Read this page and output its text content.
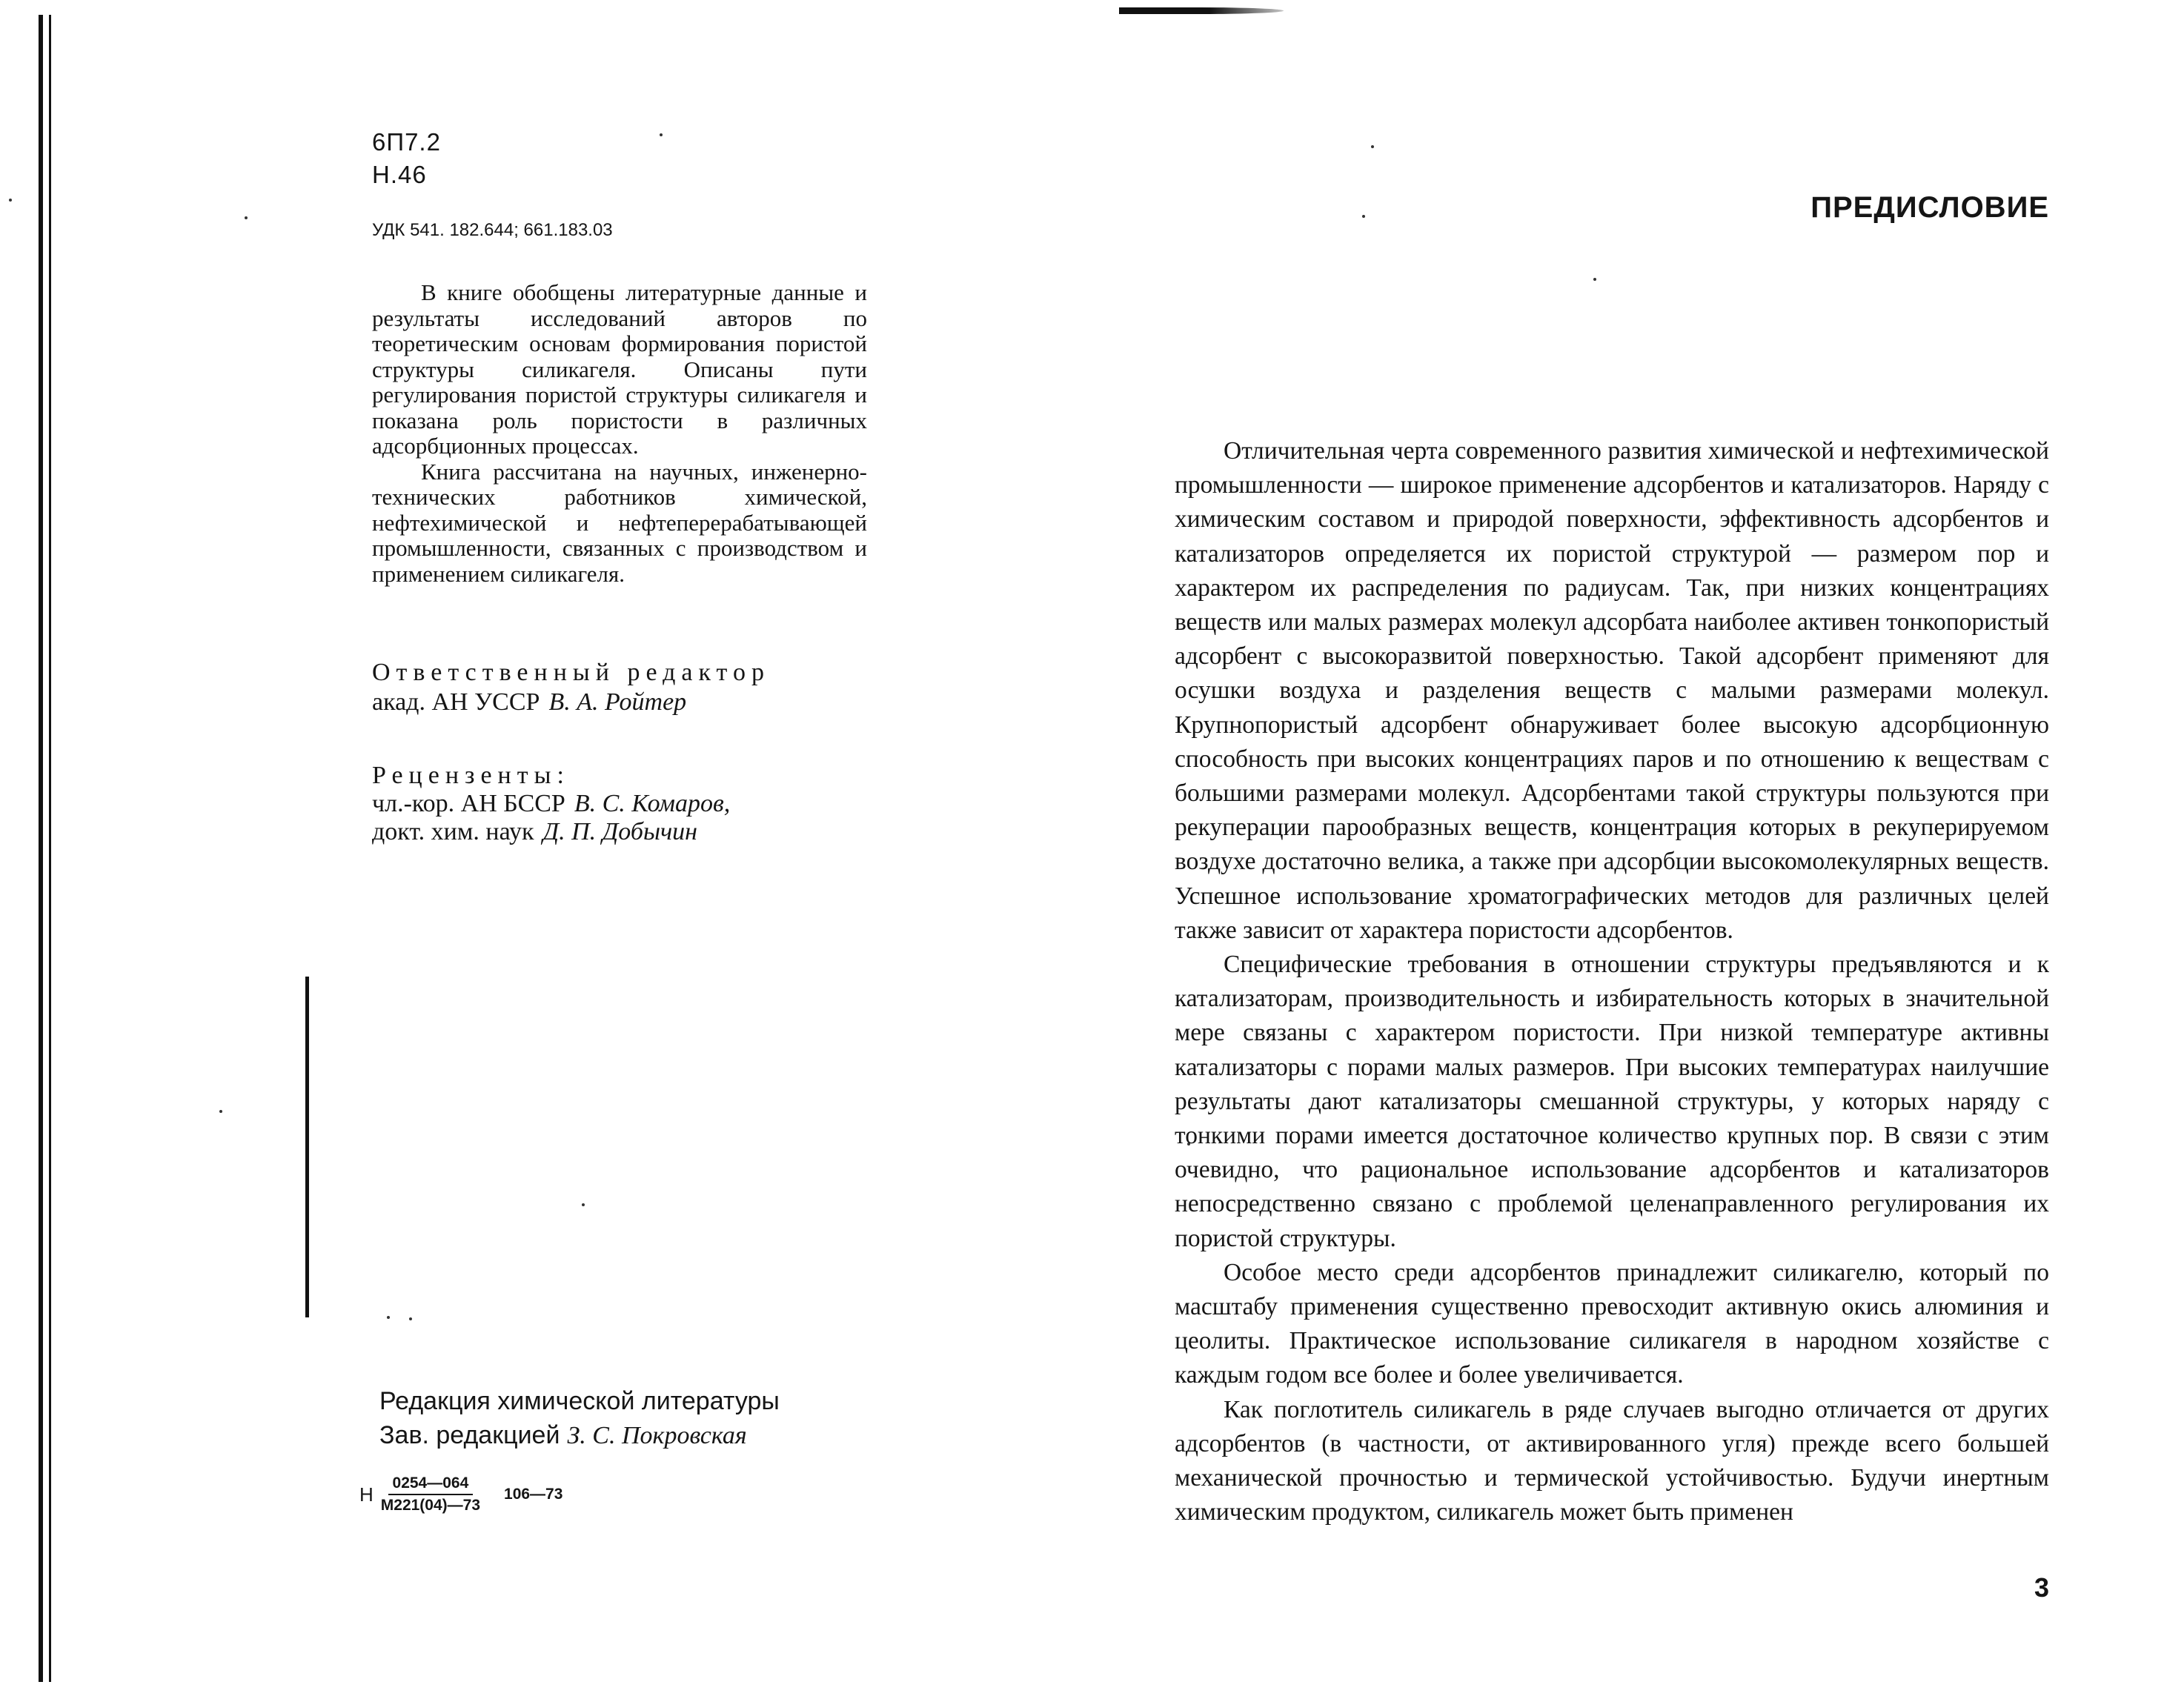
6П7.2
Н.46
УДК 541. 182.644; 661.183.03

В книге обобщены литературные данные и результаты исследований авторов по теоретическим основам формирования пористой структуры силикагеля. Описаны пути регулирования пористой структуры силикагеля и показана роль пористости в различных адсорбционных процессах.

Книга рассчитана на научных, инженерно-технических работников химической, нефтехимической и нефтеперерабатывающей промышленности, связанных с производством и применением силикагеля.

Ответственный редактор
акад. АН УССР В. А. Ройтер
Рецензенты:
чл.-кор. АН БССР В. С. Комаров,
докт. хим. наук Д. П. Добычин
Редакция химической литературы
Зав. редакцией З. С. Покровская
Н $\frac{0254—064}{М221(04)—73}$ 106—73
ПРЕДИСЛОВИЕ

Отличительная черта современного развития химической и нефтехимической промышленности — широкое применение адсорбентов и катализаторов. Наряду с химическим составом и природой поверхности, эффективность адсорбентов и катализаторов определяется их пористой структурой — размером пор и характером их распределения по радиусам. Так, при низких концентрациях веществ или малых размерах молекул адсорбата наиболее активен тонкопористый адсорбент с высокоразвитой поверхностью. Такой адсорбент применяют для осушки воздуха и разделения веществ с малыми размерами молекул. Крупнопористый адсорбент обнаруживает более высокую адсорбционную способность при высоких концентрациях паров и по отношению к веществам с большими размерами молекул. Адсорбентами такой структуры пользуются при рекуперации парообразных веществ, концентрация которых в рекуперируемом воздухе достаточно велика, а также при адсорбции высокомолекулярных веществ. Успешное использование хроматографических методов для различных целей также зависит от характера пористости адсорбентов.

Специфические требования в отношении структуры предъявляются и к катализаторам, производительность и избирательность которых в значительной мере связаны с характером пористости. При низкой температуре активны катализаторы с порами малых размеров. При высоких температурах наилучшие результаты дают катализаторы смешанной структуры, у которых наряду с тонкими порами имеется достаточное количество крупных пор. В связи с этим очевидно, что рациональное использование адсорбентов и катализаторов непосредственно связано с проблемой целенаправленного регулирования их пористой структуры.

Особое место среди адсорбентов принадлежит силикагелю, который по масштабу применения существенно превосходит активную окись алюминия и цеолиты. Практическое использование силикагеля в народном хозяйстве с каждым годом все более и более увеличивается.

Как поглотитель силикагель в ряде случаев выгодно отличается от других адсорбентов (в частности, от активированного угля) прежде всего большей механической прочностью и термической устойчивостью. Будучи инертным химическим продуктом, силикагель может быть применен

3
